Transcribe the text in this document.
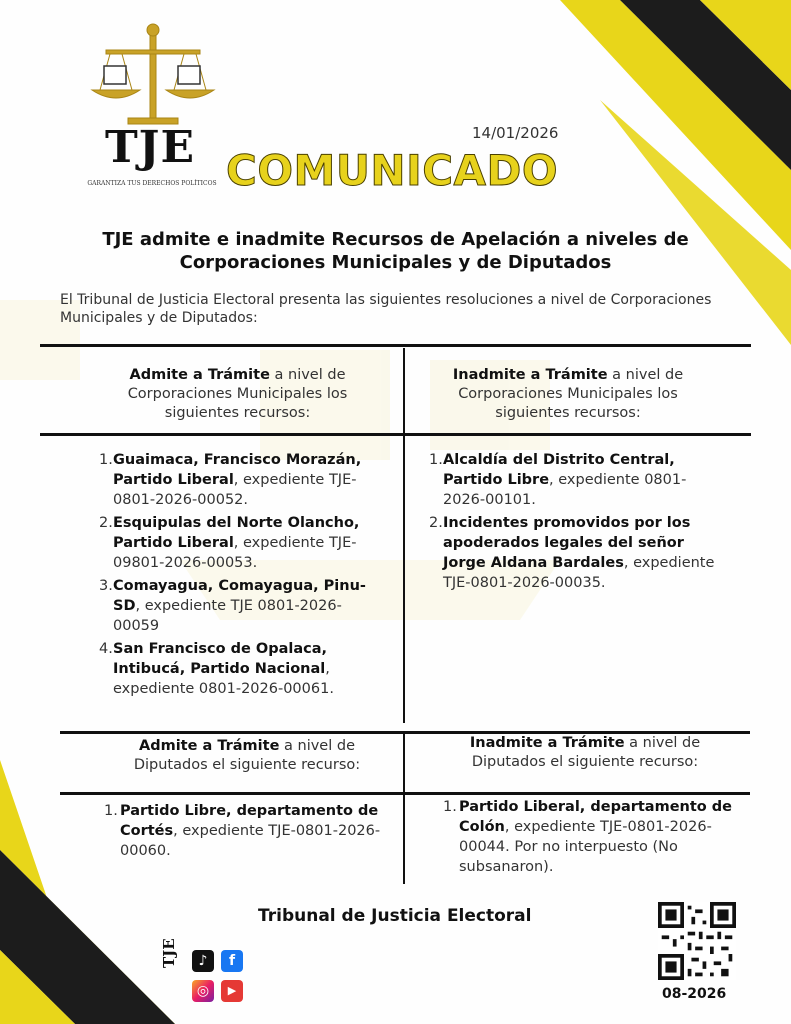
TJE
GARANTIZA TUS DERECHOS POLÍTICOS
14/01/2026
COMUNICADO
TJE admite e inadmite Recursos de Apelación a niveles de Corporaciones Municipales y de Diputados
El Tribunal de Justicia Electoral presenta las siguientes resoluciones a nivel de Corporaciones Municipales y de Diputados:
Admite a Trámite a nivel de Corporaciones Municipales los siguientes recursos:
Inadmite a Trámite a nivel de Corporaciones Municipales los siguientes recursos:
1. Guaimaca, Francisco Morazán, Partido Liberal, expediente TJE-0801-2026-00052.
2. Esquipulas del Norte Olancho, Partido Liberal, expediente TJE-09801-2026-00053.
3. Comayagua, Comayagua, Pinu-SD, expediente TJE 0801-2026-00059
4. San Francisco de Opalaca, Intibucá, Partido Nacional, expediente 0801-2026-00061.
1. Alcaldía del Distrito Central, Partido Libre, expediente 0801-2026-00101.
2. Incidentes promovidos por los apoderados legales del señor Jorge Aldana Bardales, expediente TJE-0801-2026-00035.
Admite a Trámite a nivel de Diputados el siguiente recurso:
Inadmite a Trámite a nivel de Diputados el siguiente recurso:
1. Partido Libre, departamento de Cortés, expediente TJE-0801-2026-00060.
1. Partido Liberal, departamento de Colón, expediente TJE-0801-2026-00044. Por no interpuesto (No subsanaron).
Tribunal de Justicia Electoral
08-2026
TJE	♪	f
◎	▶
